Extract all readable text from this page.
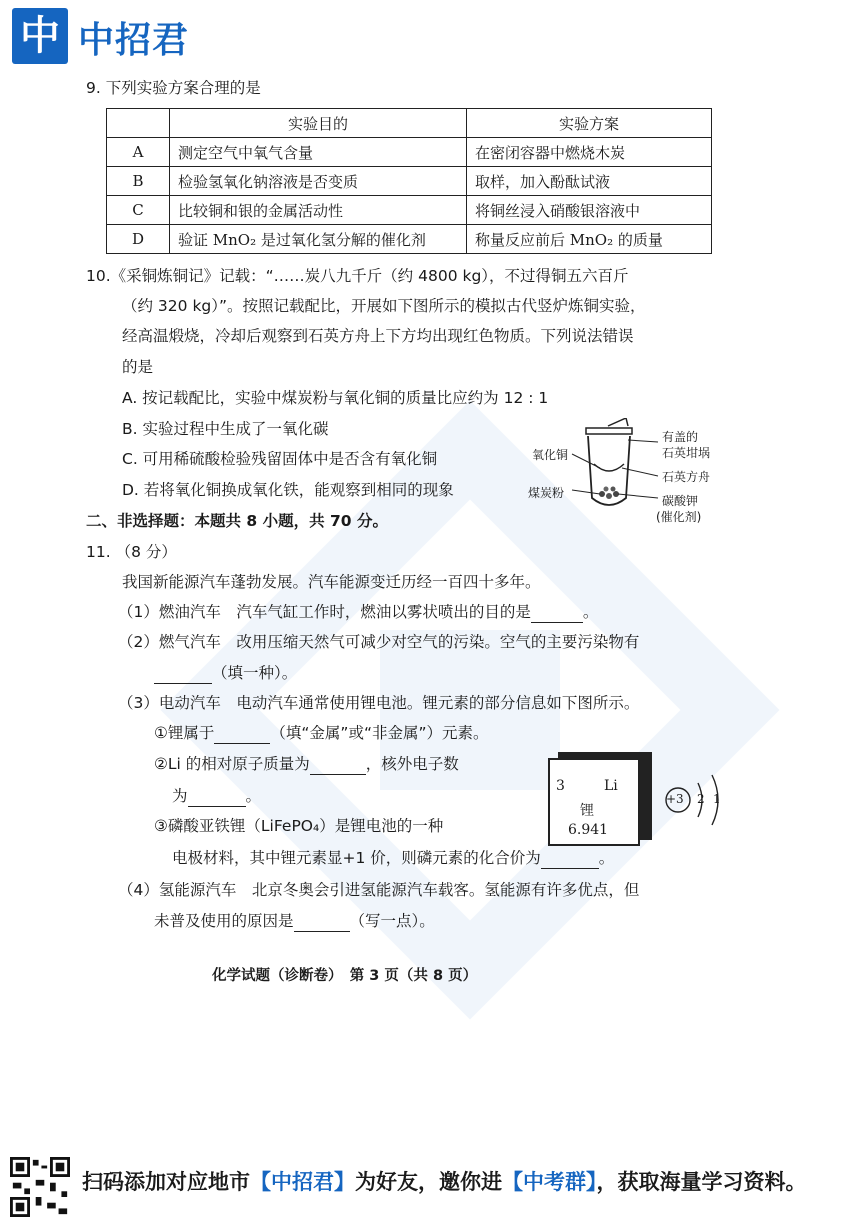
中 中招君
9. 下列实验方案合理的是
	实验目的	实验方案
A	测定空气中氧气含量	在密闭容器中燃烧木炭
B	检验氢氧化钠溶液是否变质	取样，加入酚酞试液
C	比较铜和银的金属活动性	将铜丝浸入硝酸银溶液中
D	验证 MnO₂ 是过氧化氢分解的催化剂	称量反应前后 MnO₂ 的质量
10.《采铜炼铜记》记载：“……炭八九千斤（约 4800 kg），不过得铜五六百斤
（约 320 kg）”。按照记载配比，开展如下图所示的模拟古代竖炉炼铜实验，
经高温煅烧，冷却后观察到石英方舟上下方均出现红色物质。下列说法错误
的是
A. 按记载配比，实验中煤炭粉与氧化铜的质量比应约为 12 : 1
B. 实验过程中生成了一氧化碳
C. 可用稀硫酸检验残留固体中是否含有氧化铜
D. 若将氧化铜换成氧化铁，能观察到相同的现象
氧化铜
煤炭粉
有盖的
石英坩埚
石英方舟
碳酸钾
(催化剂)
二、非选择题：本题共 8 小题，共 70 分。
11. （8 分）
我国新能源汽车蓬勃发展。汽车能源变迁历经一百四十多年。
（1）燃油汽车　汽车气缸工作时，燃油以雾状喷出的目的是	。
（2）燃气汽车　改用压缩天然气可减少对空气的污染。空气的主要污染物有
（填一种）。
（3）电动汽车　电动汽车通常使用锂电池。锂元素的部分信息如下图所示。
①锂属于	（填“金属”或“非金属”）元素。
②Li 的相对原子质量为	，核外电子数
为	。
③磷酸亚铁锂（LiFePO₄）是锂电池的一种
电极材料，其中锂元素显+1 价，则磷元素的化合价为	。
（4）氢能源汽车　北京冬奥会引进氢能源汽车载客。氢能源有许多优点，但
未普及使用的原因是	（写一点）。
3	Li
锂
6.941
+3 2 1
化学试题（诊断卷）　第 3 页（共 8 页）
扫码添加对应地市【中招君】为好友，邀你进【中考群】，获取海量学习资料。
